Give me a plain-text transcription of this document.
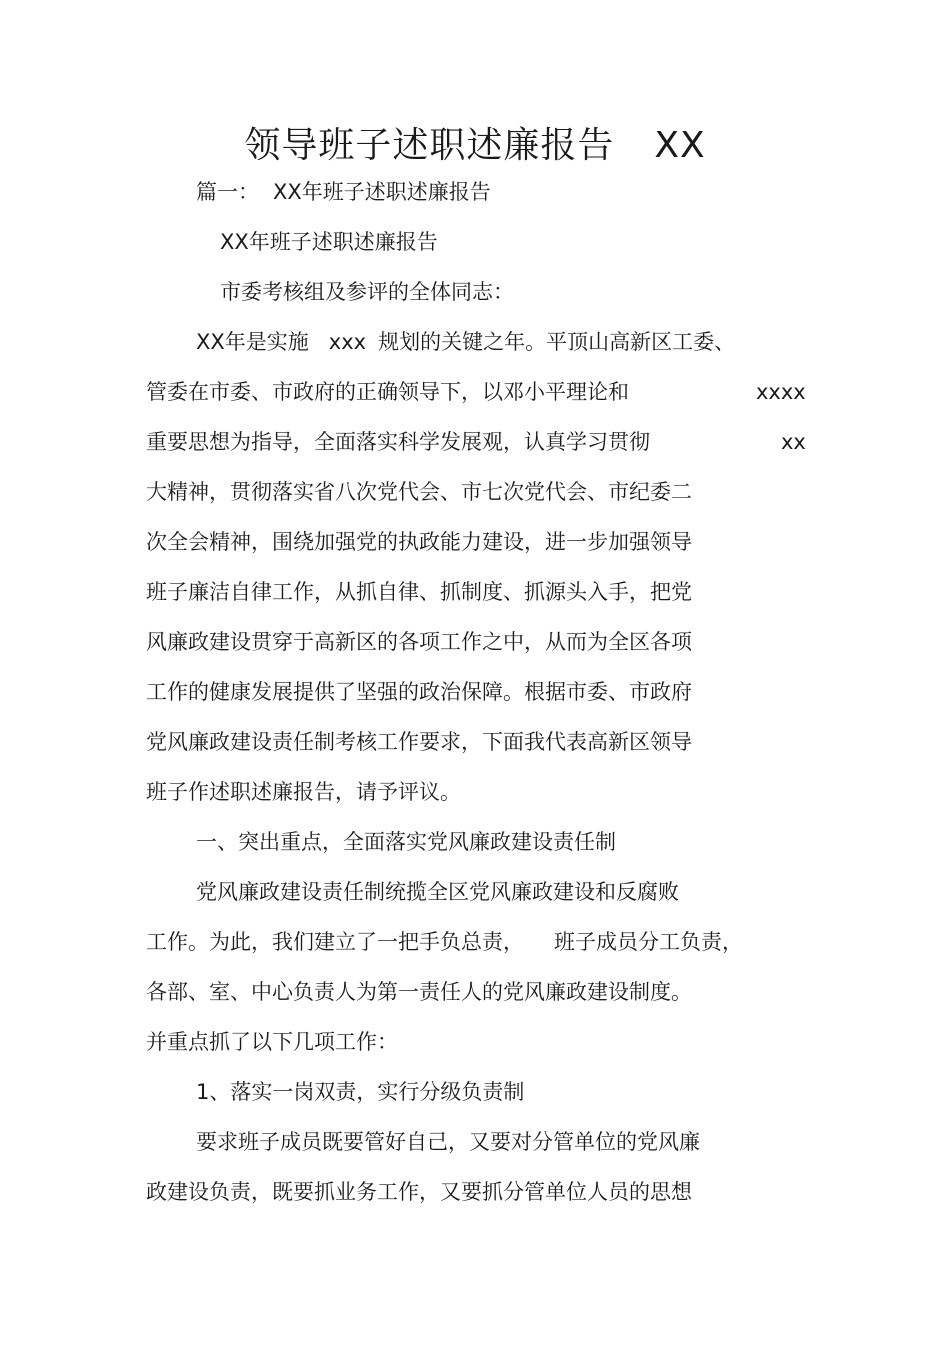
领导班子述职述廉报告 XX
篇一： XX年班子述职述廉报告
XX年班子述职述廉报告
市委考核组及参评的全体同志：
XX年是实施 xxx 规划的关键之年。平顶山高新区工委、
管委在市委、市政府的正确领导下，以邓小平理论和	xxxx
重要思想为指导，全面落实科学发展观，认真学习贯彻	xx
大精神，贯彻落实省八次党代会、市七次党代会、市纪委二
次全会精神，围绕加强党的执政能力建设，进一步加强领导
班子廉洁自律工作，从抓自律、抓制度、抓源头入手，把党
风廉政建设贯穿于高新区的各项工作之中，从而为全区各项
工作的健康发展提供了坚强的政治保障。根据市委、市政府
党风廉政建设责任制考核工作要求，下面我代表高新区领导
班子作述职述廉报告，请予评议。
一、突出重点，全面落实党风廉政建设责任制
党风廉政建设责任制统揽全区党风廉政建设和反腐败
工作。为此，我们建立了一把手负总责， 班子成员分工负责，
各部、室、中心负责人为第一责任人的党风廉政建设制度。
并重点抓了以下几项工作：
1、落实一岗双责，实行分级负责制
要求班子成员既要管好自己，又要对分管单位的党风廉
政建设负责，既要抓业务工作，又要抓分管单位人员的思想
